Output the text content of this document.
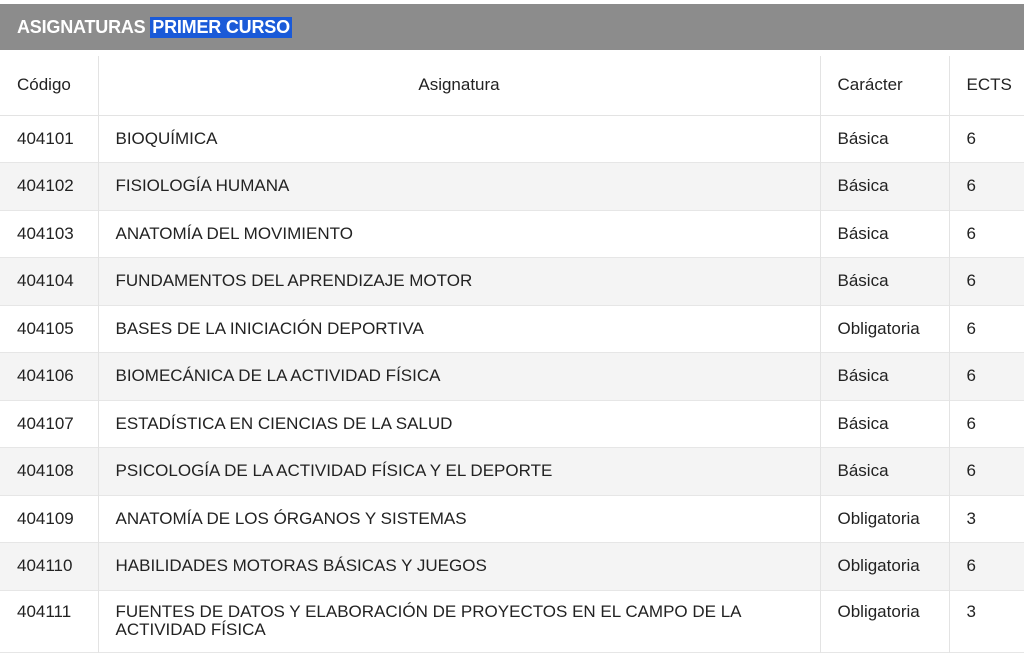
ASIGNATURAS PRIMER CURSO
Código	Asignatura	Carácter	ECTS
404101	BIOQUÍMICA	Básica	6
404102	FISIOLOGÍA HUMANA	Básica	6
404103	ANATOMÍA DEL MOVIMIENTO	Básica	6
404104	FUNDAMENTOS DEL APRENDIZAJE MOTOR	Básica	6
404105	BASES DE LA INICIACIÓN DEPORTIVA	Obligatoria	6
404106	BIOMECÁNICA DE LA ACTIVIDAD FÍSICA	Básica	6
404107	ESTADÍSTICA EN CIENCIAS DE LA SALUD	Básica	6
404108	PSICOLOGÍA DE LA ACTIVIDAD FÍSICA Y EL DEPORTE	Básica	6
404109	ANATOMÍA DE LOS ÓRGANOS Y SISTEMAS	Obligatoria	3
404110	HABILIDADES MOTORAS BÁSICAS Y JUEGOS	Obligatoria	6
404111	FUENTES DE DATOS Y ELABORACIÓN DE PROYECTOS EN EL CAMPO DE LA ACTIVIDAD FÍSICA	Obligatoria	3
